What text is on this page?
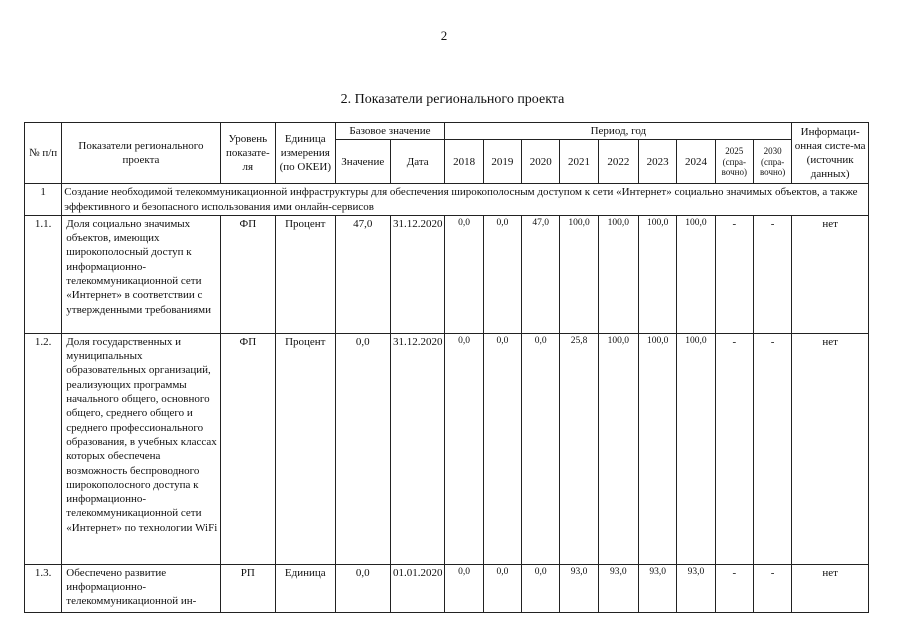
2
2. Показатели регионального проекта
№ п/п	Показатели регионального проекта	Уровень показате-ля	Единица измерения (по ОКЕИ)	Базовое значение		Период, год									Информаци-онная систе-ма (источник данных)
				Значение	Дата	2018	2019	2020	2021	2022	2023	2024	2025 (спра-вочно)	2030 (спра-вочно)	
1	Создание необходимой телекоммуникационной инфраструктуры для обеспечения широкополосным доступом к сети «Интернет» социально значимых объектов, а также эффективного и безопасного использования ими онлайн-сервисов														
1.1.	Доля социально значимых объектов, имеющих широкополосный доступ к информационно-телекоммуникационной сети «Интернет» в соответствии с утвержденными требованиями	ФП	Процент	47,0	31.12.2020	0,0	0,0	47,0	100,0	100,0	100,0	100,0	-	-	нет
1.2.	Доля государственных и муниципальных образовательных организаций, реализующих программы начального общего, основного общего, среднего общего и среднего профессионального образования, в учебных классах которых обеспечена возможность беспроводного широкополосного доступа к информационно-телекоммуникационной сети «Интернет» по технологии WiFi	ФП	Процент	0,0	31.12.2020	0,0	0,0	0,0	25,8	100,0	100,0	100,0	-	-	нет
1.3.	Обеспечено развитие информационно-телекоммуникационной ин-	РП	Единица	0,0	01.01.2020	0,0	0,0	0,0	93,0	93,0	93,0	93,0	-	-	нет
